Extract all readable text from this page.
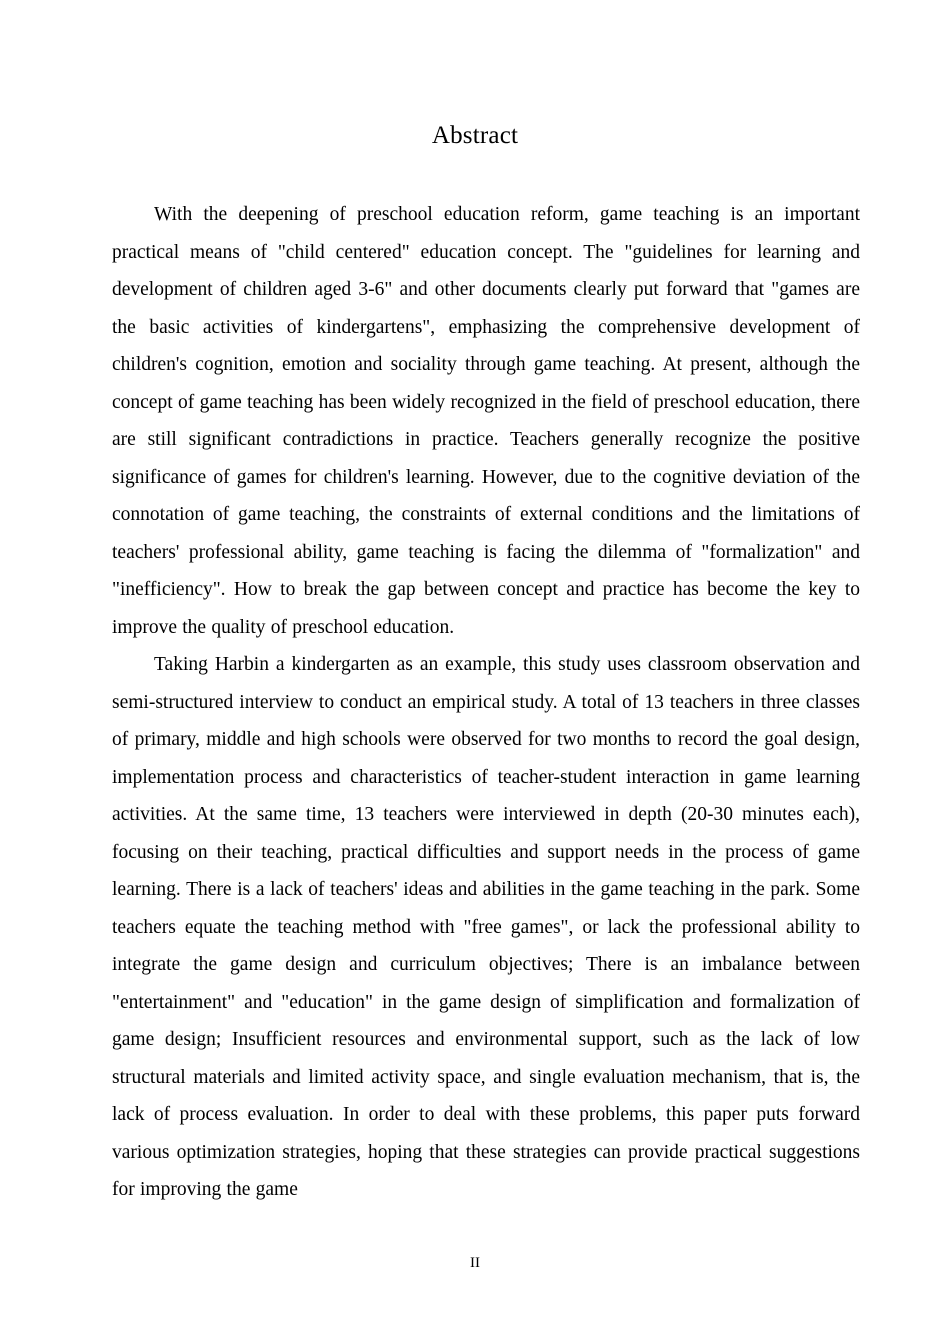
Abstract

With the deepening of preschool education reform, game teaching is an important practical means of "child centered" education concept. The "guidelines for learning and development of children aged 3-6" and other documents clearly put forward that "games are the basic activities of kindergartens", emphasizing the comprehensive development of children's cognition, emotion and sociality through game teaching. At present, although the concept of game teaching has been widely recognized in the field of preschool education, there are still significant contradictions in practice. Teachers generally recognize the positive significance of games for children's learning. However, due to the cognitive deviation of the connotation of game teaching, the constraints of external conditions and the limitations of teachers' professional ability, game teaching is facing the dilemma of "formalization" and "inefficiency". How to break the gap between concept and practice has become the key to improve the quality of preschool education.

Taking Harbin a kindergarten as an example, this study uses classroom observation and semi-structured interview to conduct an empirical study. A total of 13 teachers in three classes of primary, middle and high schools were observed for two months to record the goal design, implementation process and characteristics of teacher-student interaction in game learning activities. At the same time, 13 teachers were interviewed in depth (20-30 minutes each), focusing on their teaching, practical difficulties and support needs in the process of game learning. There is a lack of teachers' ideas and abilities in the game teaching in the park. Some teachers equate the teaching method with "free games", or lack the professional ability to integrate the game design and curriculum objectives; There is an imbalance between "entertainment" and "education" in the game design of simplification and formalization of game design; Insufficient resources and environmental support, such as the lack of low structural materials and limited activity space, and single evaluation mechanism, that is, the lack of process evaluation. In order to deal with these problems, this paper puts forward various optimization strategies, hoping that these strategies can provide practical suggestions for improving the game

II
